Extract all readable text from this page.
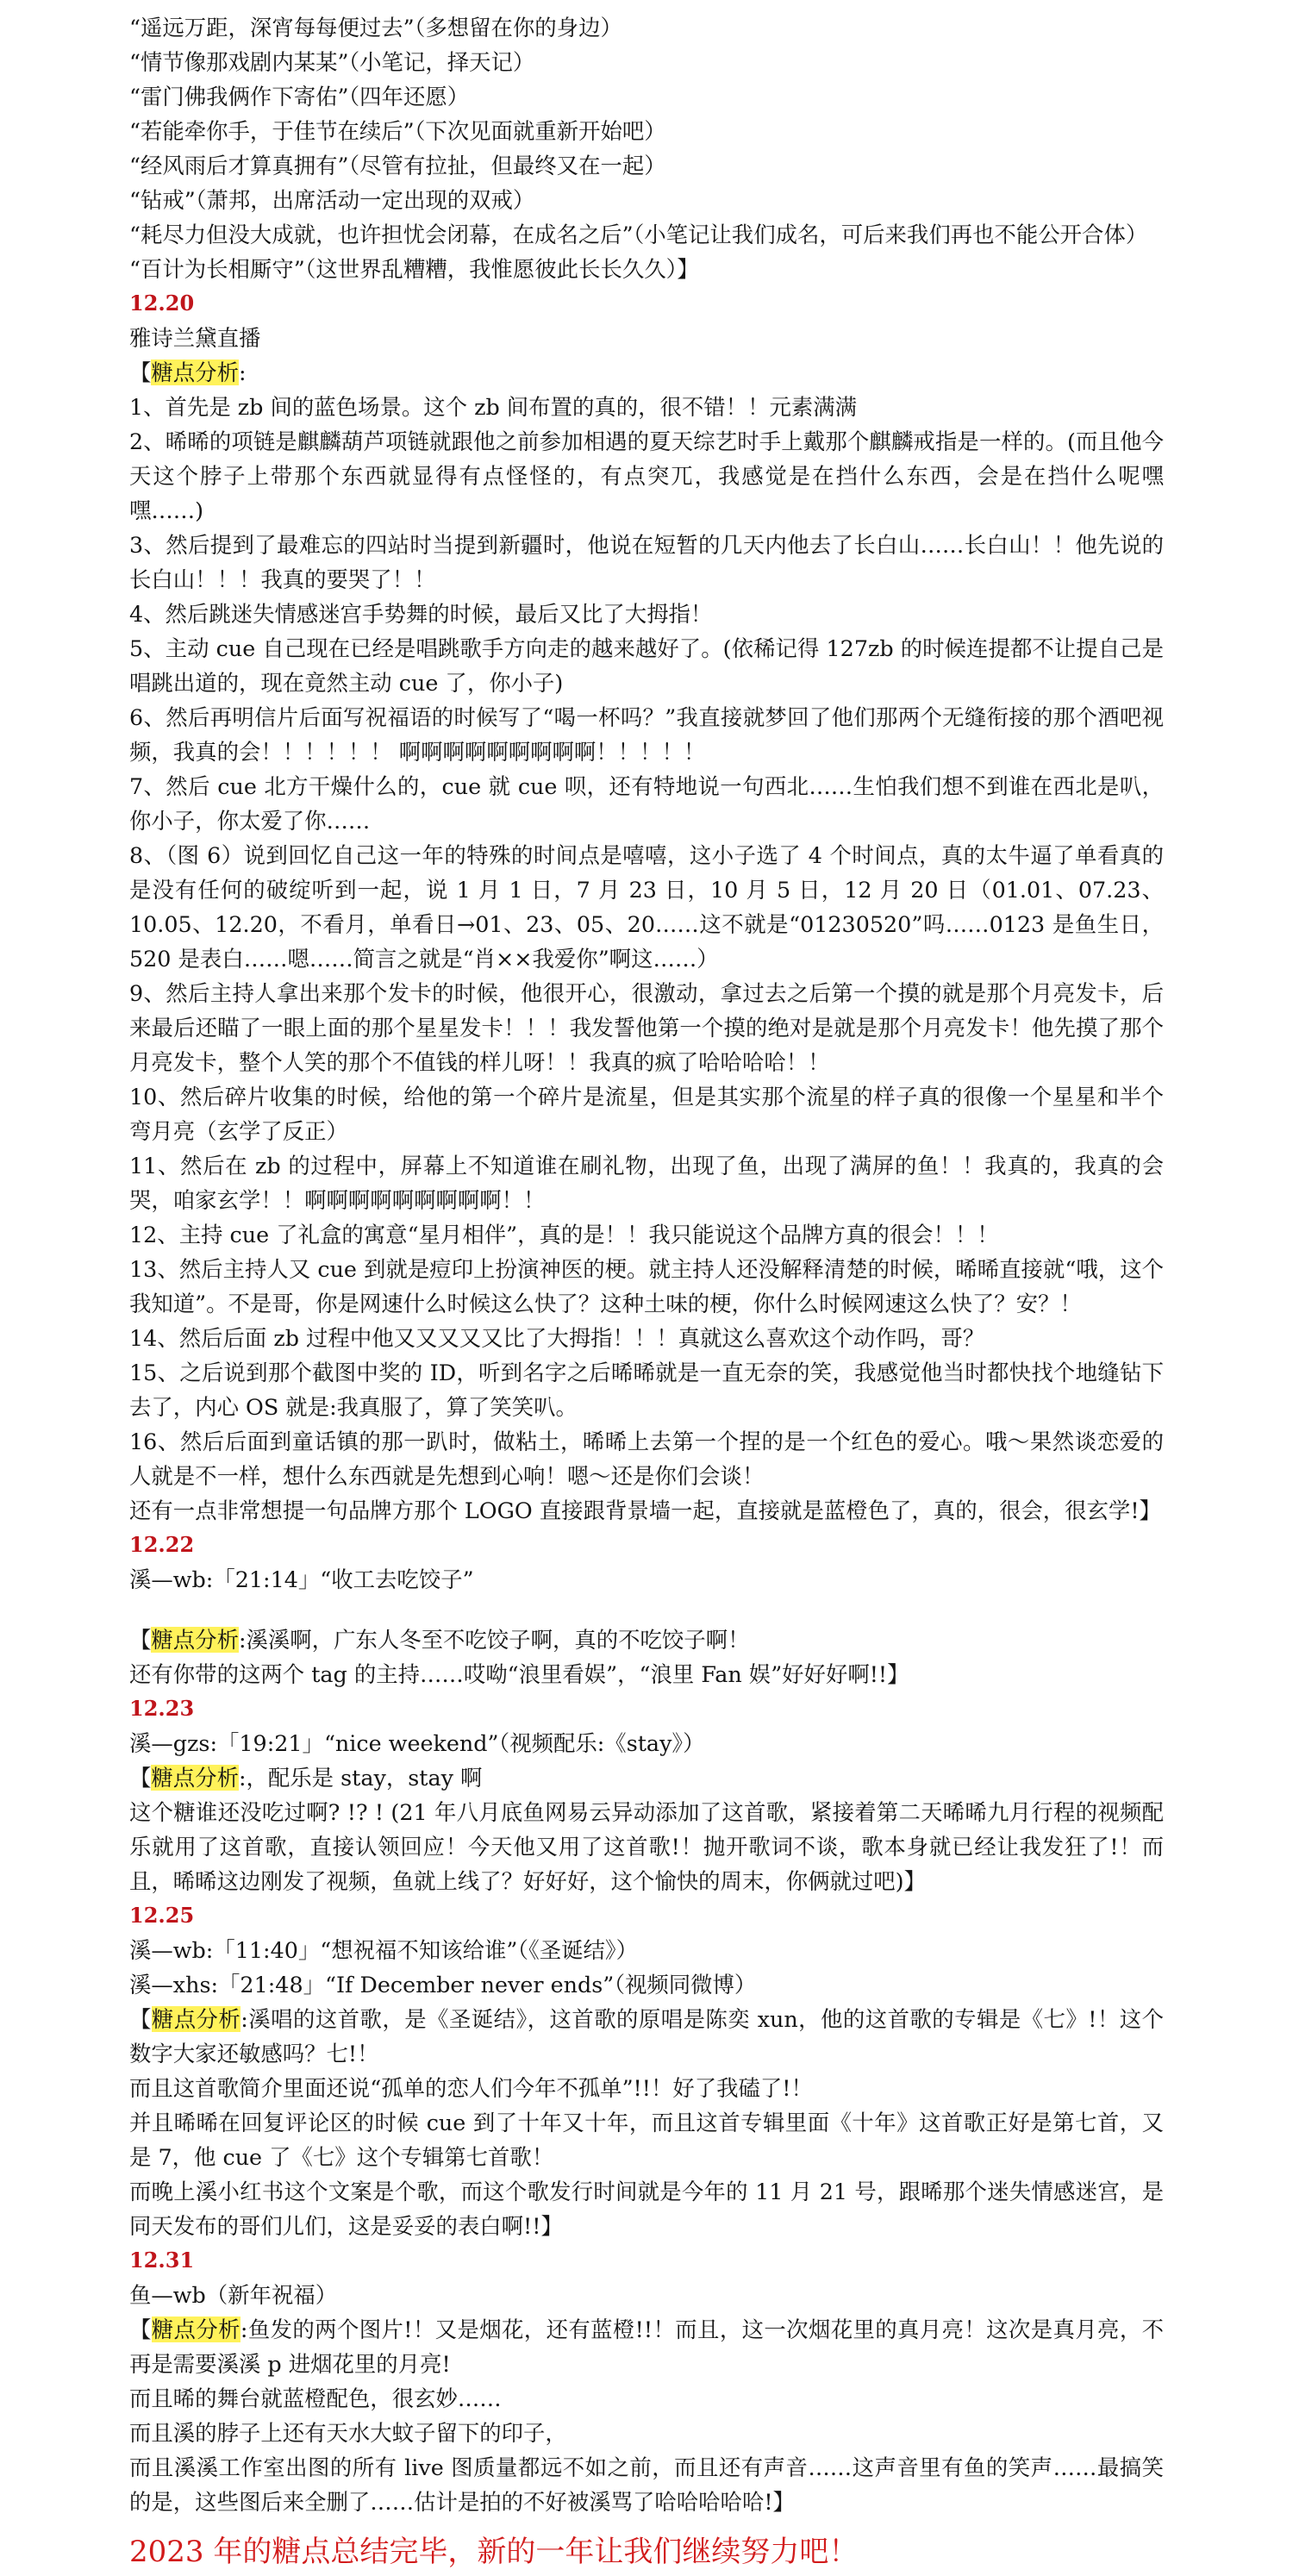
“遥远万距，深宵每每便过去”（多想留在你的身边）
“情节像那戏剧内某某”（小笔记，择天记）
“雷门佛我俩作下寄佑”（四年还愿）
“若能牵你手，于佳节在续后”（下次见面就重新开始吧）
“经风雨后才算真拥有”（尽管有拉扯，但最终又在一起）
“钻戒”（萧邦，出席活动一定出现的双戒）
“耗尽力但没大成就，也许担忧会闭幕，在成名之后”（小笔记让我们成名，可后来我们再也不能公开合体）
“百计为长相厮守”（这世界乱糟糟，我惟愿彼此长长久久）】
12.20
雅诗兰黛直播
【糖点分析:
1、首先是 zb 间的蓝色场景。这个 zb 间布置的真的，很不错！！元素满满
2、晞晞的项链是麒麟葫芦项链就跟他之前参加相遇的夏天综艺时手上戴那个麒麟戒指是一样的。(而且他今天这个脖子上带那个东西就显得有点怪怪的，有点突兀，我感觉是在挡什么东西，会是在挡什么呢嘿嘿……)
3、然后提到了最难忘的四站时当提到新疆时，他说在短暂的几天内他去了长白山……长白山！！他先说的长白山！！！我真的要哭了！！
4、然后跳迷失情感迷宫手势舞的时候，最后又比了大拇指！
5、主动 cue 自己现在已经是唱跳歌手方向走的越来越好了。(依稀记得 127zb 的时候连提都不让提自己是唱跳出道的，现在竟然主动 cue 了，你小子)
6、然后再明信片后面写祝福语的时候写了“喝一杯吗？”我直接就梦回了他们那两个无缝衔接的那个酒吧视频，我真的会！！！！！！ 啊啊啊啊啊啊啊啊啊！！！！！
7、然后 cue 北方干燥什么的，cue 就 cue 呗，还有特地说一句西北……生怕我们想不到谁在西北是叭，你小子，你太爱了你……
8、（图 6）说到回忆自己这一年的特殊的时间点是嘻嘻，这小子选了 4 个时间点，真的太牛逼了单看真的是没有任何的破绽听到一起，说 1 月 1 日，7 月 23 日，10 月 5 日，12 月 20 日（01.01、07.23、10.05、12.20，不看月，单看日→01、23、05、20……这不就是“01230520”吗……0123 是鱼生日，520 是表白……嗯……简言之就是“肖××我爱你”啊这……）
9、然后主持人拿出来那个发卡的时候，他很开心，很激动，拿过去之后第一个摸的就是那个月亮发卡，后来最后还瞄了一眼上面的那个星星发卡！！！我发誓他第一个摸的绝对是就是那个月亮发卡！他先摸了那个月亮发卡，整个人笑的那个不值钱的样儿呀！！我真的疯了哈哈哈哈！！
10、然后碎片收集的时候，给他的第一个碎片是流星，但是其实那个流星的样子真的很像一个星星和半个弯月亮（玄学了反正）
11、然后在 zb 的过程中，屏幕上不知道谁在刷礼物，出现了鱼，出现了满屏的鱼！！我真的，我真的会哭，咱家玄学！！啊啊啊啊啊啊啊啊啊！！
12、主持 cue 了礼盒的寓意“星月相伴”，真的是！！我只能说这个品牌方真的很会！！！
13、然后主持人又 cue 到就是痘印上扮演神医的梗。就主持人还没解释清楚的时候，晞晞直接就“哦，这个我知道”。不是哥，你是网速什么时候这么快了？这种土味的梗，你什么时候网速这么快了？安？！
14、然后后面 zb 过程中他又又又又又比了大拇指！！！真就这么喜欢这个动作吗，哥？
15、之后说到那个截图中奖的 ID，听到名字之后晞晞就是一直无奈的笑，我感觉他当时都快找个地缝钻下去了，内心 OS 就是:我真服了，算了笑笑叭。
16、然后后面到童话镇的那一趴时，做粘土，晞晞上去第一个捏的是一个红色的爱心。哦～果然谈恋爱的人就是不一样，想什么东西就是先想到心响！嗯～还是你们会谈！
还有一点非常想提一句品牌方那个 LOGO 直接跟背景墙一起，直接就是蓝橙色了，真的，很会，很玄学!】
12.22
溪—wb:「21:14」“收工去吃饺子”
【糖点分析:溪溪啊，广东人冬至不吃饺子啊，真的不吃饺子啊！
还有你带的这两个 tag 的主持……哎呦“浪里看娱”，“浪里 Fan 娱”好好好啊!!】
12.23
溪—gzs:「19:21」“nice weekend”（视频配乐:《stay》）
【糖点分析:，配乐是 stay，stay 啊
这个糖谁还没吃过啊? !? ! (21 年八月底鱼网易云异动添加了这首歌，紧接着第二天晞晞九月行程的视频配乐就用了这首歌，直接认领回应！今天他又用了这首歌!！抛开歌词不谈，歌本身就已经让我发狂了!！而且，晞晞这边刚发了视频，鱼就上线了？好好好，这个愉快的周末，你俩就过吧)】
12.25
溪—wb:「11:40」“想祝福不知该给谁”（《圣诞结》）
溪—xhs:「21:48」“If December never ends”（视频同微博）
【糖点分析:溪唱的这首歌，是《圣诞结》，这首歌的原唱是陈奕 xun，他的这首歌的专辑是《七》!！这个数字大家还敏感吗？七!！
而且这首歌简介里面还说“孤单的恋人们今年不孤单”!!！好了我磕了!！
并且晞晞在回复评论区的时候 cue 到了十年又十年，而且这首专辑里面《十年》这首歌正好是第七首，又是 7，他 cue 了《七》这个专辑第七首歌！
而晚上溪小红书这个文案是个歌，而这个歌发行时间就是今年的 11 月 21 号，跟晞那个迷失情感迷宫，是同天发布的哥们儿们，这是妥妥的表白啊!!】
12.31
鱼—wb（新年祝福）
【糖点分析:鱼发的两个图片!！又是烟花，还有蓝橙!!！而且，这一次烟花里的真月亮！这次是真月亮，不再是需要溪溪 p 进烟花里的月亮!
而且晞的舞台就蓝橙配色，很玄妙……
而且溪的脖子上还有天水大蚊子留下的印子，
而且溪溪工作室出图的所有 live 图质量都远不如之前，而且还有声音……这声音里有鱼的笑声……最搞笑的是，这些图后来全删了……估计是拍的不好被溪骂了哈哈哈哈哈!】
2023 年的糖点总结完毕，新的一年让我们继续努力吧！
